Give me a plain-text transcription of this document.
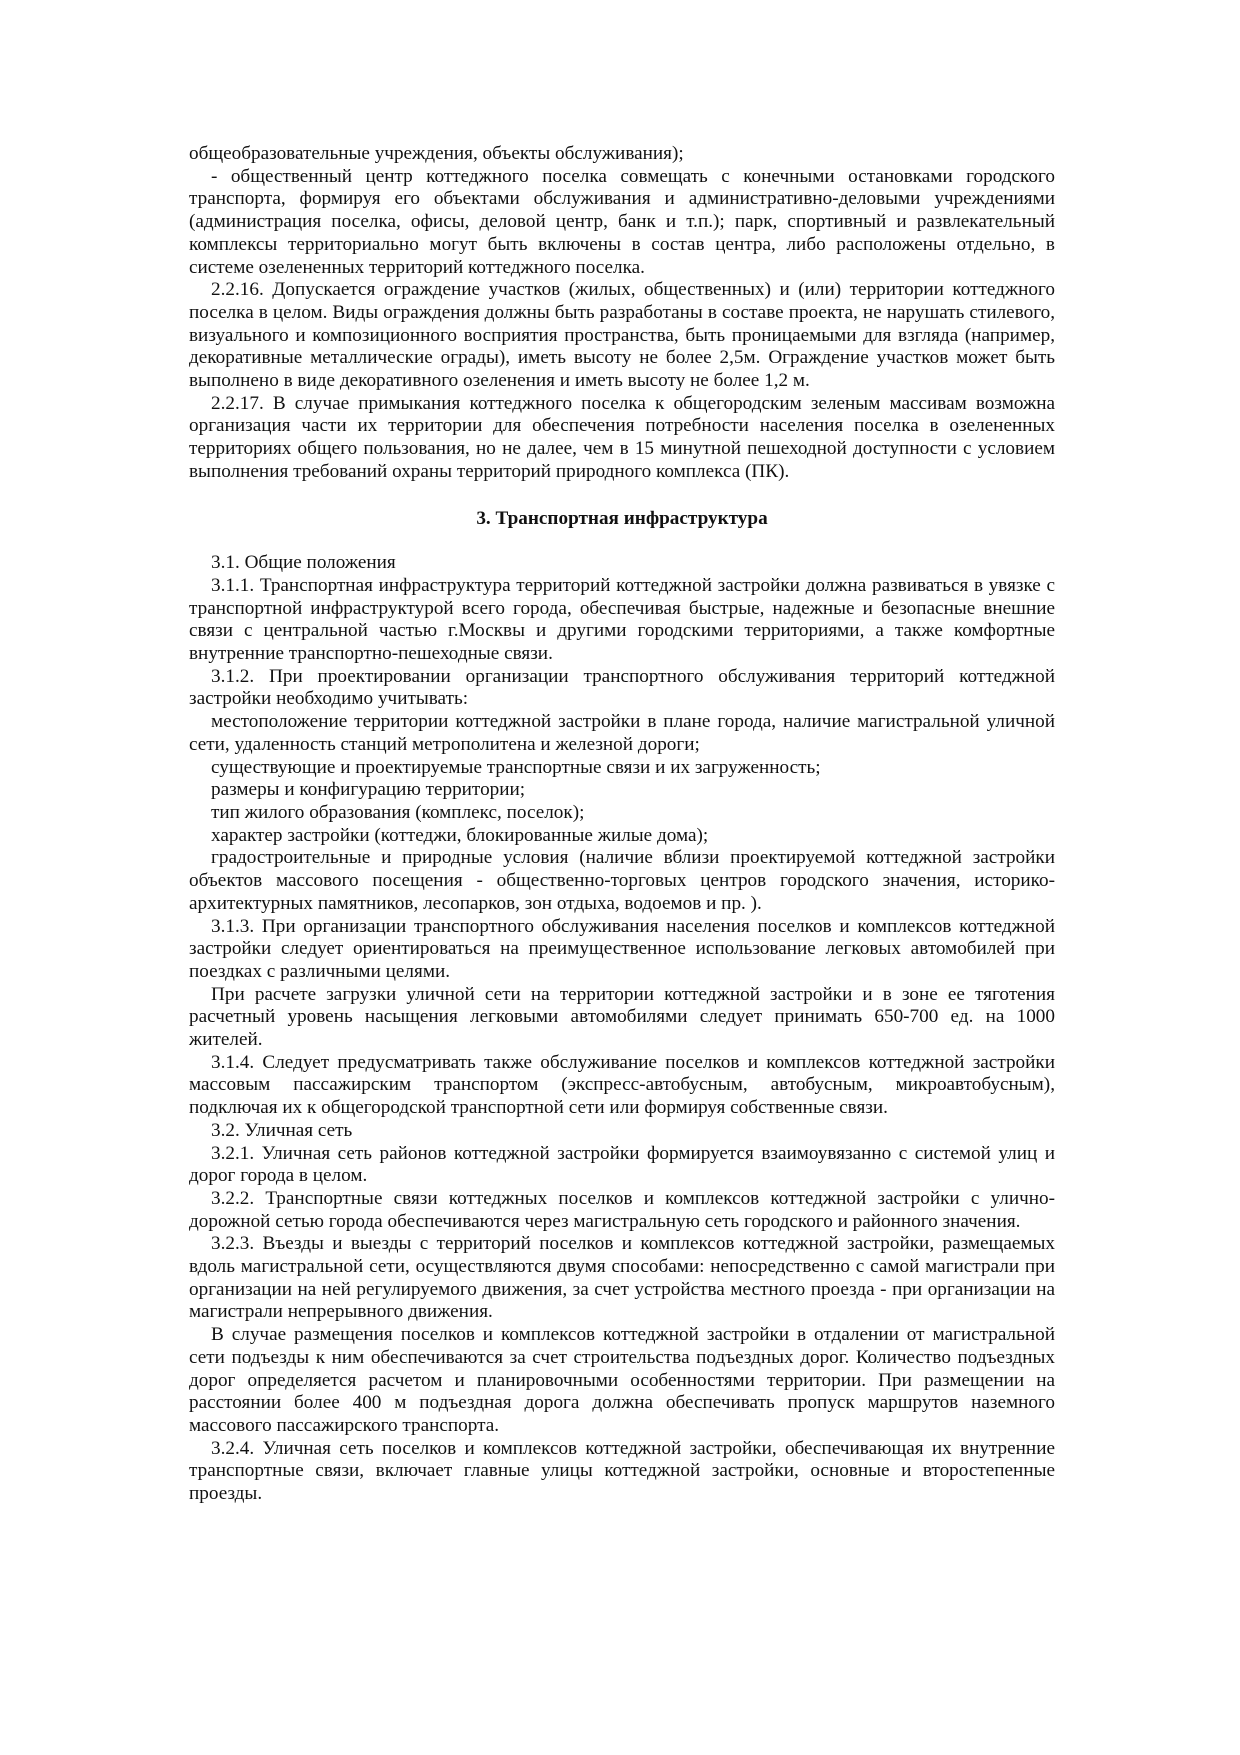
общеобразовательные учреждения, объекты обслуживания);

- общественный центр коттеджного поселка совмещать с конечными остановками городского транспорта, формируя его объектами обслуживания и административно-деловыми учреждениями (администрация поселка, офисы, деловой центр, банк и т.п.); парк, спортивный и развлекательный комплексы территориально могут быть включены в состав центра, либо расположены отдельно, в системе озелененных территорий коттеджного поселка.

2.2.16. Допускается ограждение участков (жилых, общественных) и (или) территории коттеджного поселка в целом. Виды ограждения должны быть разработаны в составе проекта, не нарушать стилевого, визуального и композиционного восприятия пространства, быть проницаемыми для взгляда (например, декоративные металлические ограды), иметь высоту не более 2,5м. Ограждение участков может быть выполнено в виде декоративного озеленения и иметь высоту не более 1,2 м.

2.2.17. В случае примыкания коттеджного поселка к общегородским зеленым массивам возможна организация части их территории для обеспечения потребности населения поселка в озелененных территориях общего пользования, но не далее, чем в 15 минутной пешеходной доступности с условием выполнения требований охраны территорий природного комплекса (ПК).

3. Транспортная инфраструктура

3.1. Общие положения

3.1.1. Транспортная инфраструктура территорий коттеджной застройки должна развиваться в увязке с транспортной инфраструктурой всего города, обеспечивая быстрые, надежные и безопасные внешние связи с центральной частью г.Москвы и другими городскими территориями, а также комфортные внутренние транспортно-пешеходные связи.

3.1.2. При проектировании организации транспортного обслуживания территорий коттеджной застройки необходимо учитывать:

местоположение территории коттеджной застройки в плане города, наличие магистральной уличной сети, удаленность станций метрополитена и железной дороги;

существующие и проектируемые транспортные связи и их загруженность;

размеры и конфигурацию территории;

тип жилого образования (комплекс, поселок);

характер застройки (коттеджи, блокированные жилые дома);

градостроительные и природные условия (наличие вблизи проектируемой коттеджной застройки объектов массового посещения - общественно-торговых центров городского значения, историко-архитектурных памятников, лесопарков, зон отдыха, водоемов и пр. ).

3.1.3. При организации транспортного обслуживания населения поселков и комплексов коттеджной застройки следует ориентироваться на преимущественное использование легковых автомобилей при поездках с различными целями.

При расчете загрузки уличной сети на территории коттеджной застройки и в зоне ее тяготения расчетный уровень насыщения легковыми автомобилями следует принимать 650-700 ед. на 1000 жителей.

3.1.4. Следует предусматривать также обслуживание поселков и комплексов коттеджной застройки массовым пассажирским транспортом (экспресс-автобусным, автобусным, микроавтобусным), подключая их к общегородской транспортной сети или формируя собственные связи.

3.2. Уличная сеть

3.2.1. Уличная сеть районов коттеджной застройки формируется взаимоувязанно с системой улиц и дорог города в целом.

3.2.2. Транспортные связи коттеджных поселков и комплексов коттеджной застройки с улично-дорожной сетью города обеспечиваются через магистральную сеть городского и районного значения.

3.2.3. Въезды и выезды с территорий поселков и комплексов коттеджной застройки, размещаемых вдоль магистральной сети, осуществляются двумя способами: непосредственно с самой магистрали при организации на ней регулируемого движения, за счет устройства местного проезда - при организации на магистрали непрерывного движения.

В случае размещения поселков и комплексов коттеджной застройки в отдалении от магистральной сети подъезды к ним обеспечиваются за счет строительства подъездных дорог. Количество подъездных дорог определяется расчетом и планировочными особенностями территории. При размещении на расстоянии более 400 м подъездная дорога должна обеспечивать пропуск маршрутов наземного массового пассажирского транспорта.

3.2.4. Уличная сеть поселков и комплексов коттеджной застройки, обеспечивающая их внутренние транспортные связи, включает главные улицы коттеджной застройки, основные и второстепенные проезды.
